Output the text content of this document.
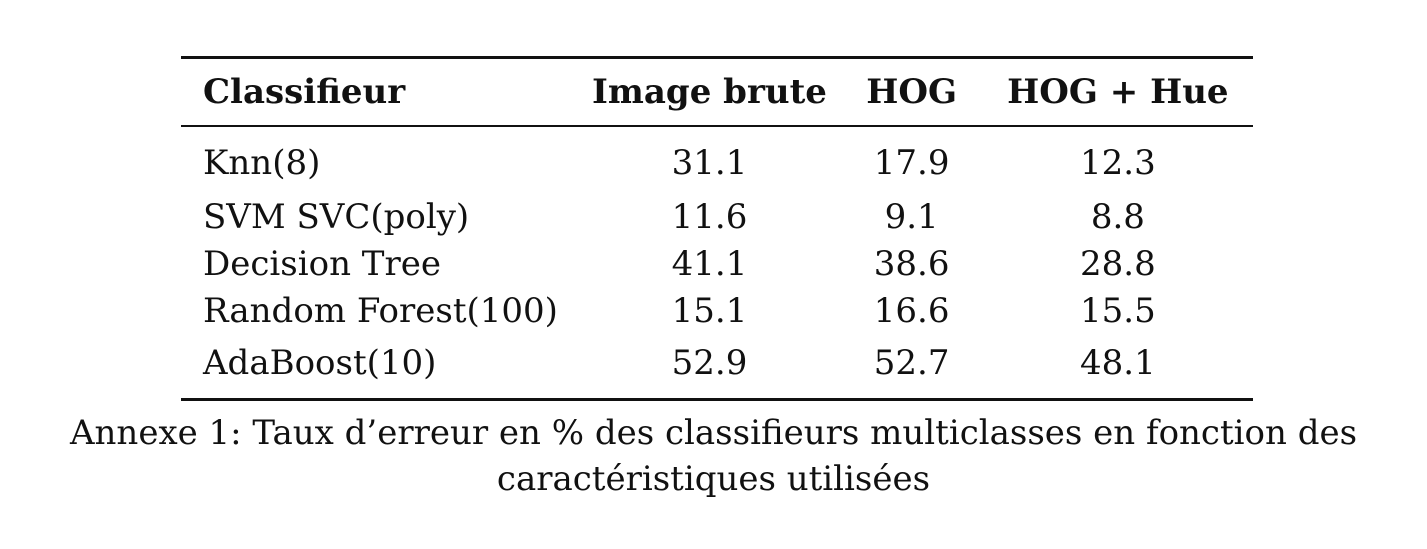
Classifieur	Image brute	HOG	HOG + Hue
Knn(8)	31.1	17.9	12.3
SVM SVC(poly)	11.6	9.1	8.8
Decision Tree	41.1	38.6	28.8
Random Forest(100)	15.1	16.6	15.5
AdaBoost(10)	52.9	52.7	48.1
Annexe 1: Taux d’erreur en % des classifieurs multiclasses en fonction des
caractéristiques utilisées
